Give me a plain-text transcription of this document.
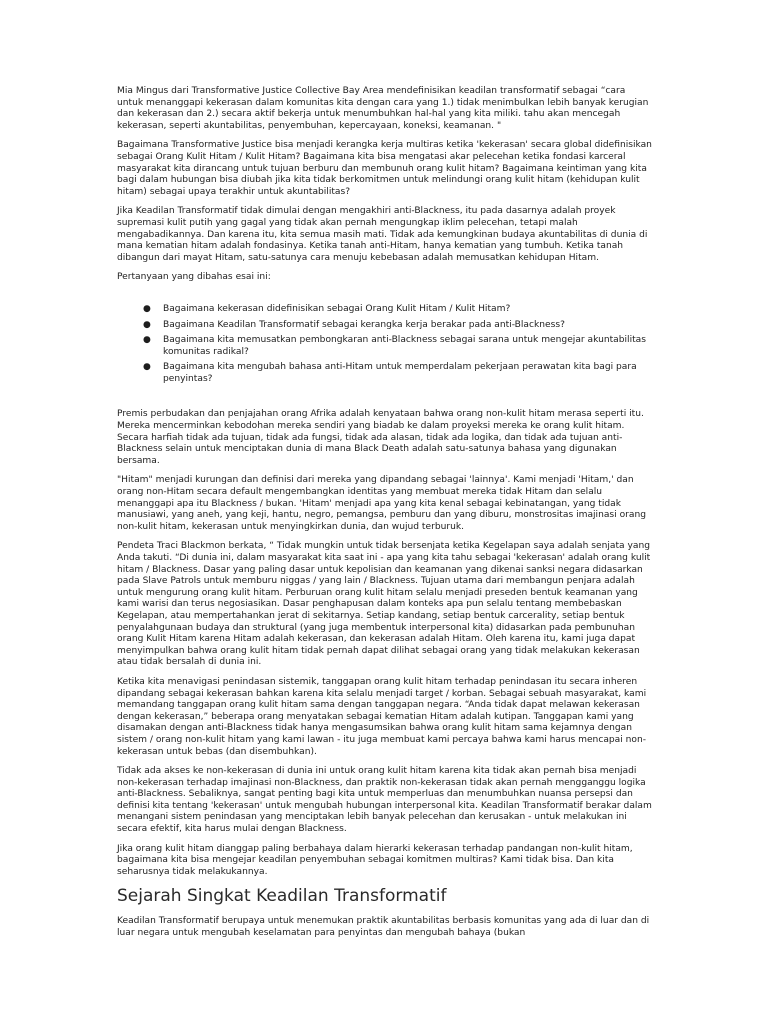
Mia Mingus dari Transformative Justice Collective Bay Area mendefinisikan keadilan transformatif sebagai “cara untuk menanggapi kekerasan dalam komunitas kita dengan cara yang 1.) tidak menimbulkan lebih banyak kerugian dan kekerasan dan 2.) secara aktif bekerja untuk menumbuhkan hal-hal yang kita miliki. tahu akan mencegah kekerasan, seperti akuntabilitas, penyembuhan, kepercayaan, koneksi, keamanan. "

Bagaimana Transformative Justice bisa menjadi kerangka kerja multiras ketika 'kekerasan' secara global didefinisikan sebagai Orang Kulit Hitam / Kulit Hitam? Bagaimana kita bisa mengatasi akar pelecehan ketika fondasi karceral masyarakat kita dirancang untuk tujuan berburu dan membunuh orang kulit hitam? Bagaimana keintiman yang kita bagi dalam hubungan bisa diubah jika kita tidak berkomitmen untuk melindungi orang kulit hitam (kehidupan kulit hitam) sebagai upaya terakhir untuk akuntabilitas?

Jika Keadilan Transformatif tidak dimulai dengan mengakhiri anti-Blackness, itu pada dasarnya adalah proyek supremasi kulit putih yang gagal yang tidak akan pernah mengungkap iklim pelecehan, tetapi malah mengabadikannya. Dan karena itu, kita semua masih mati. Tidak ada kemungkinan budaya akuntabilitas di dunia di mana kematian hitam adalah fondasinya. Ketika tanah anti-Hitam, hanya kematian yang tumbuh. Ketika tanah dibangun dari mayat Hitam, satu-satunya cara menuju kebebasan adalah memusatkan kehidupan Hitam.

Pertanyaan yang dibahas esai ini:

● Bagaimana kekerasan didefinisikan sebagai Orang Kulit Hitam / Kulit Hitam?
● Bagaimana Keadilan Transformatif sebagai kerangka kerja berakar pada anti-Blackness?
● Bagaimana kita memusatkan pembongkaran anti-Blackness sebagai sarana untuk mengejar akuntabilitas komunitas radikal?
● Bagaimana kita mengubah bahasa anti-Hitam untuk memperdalam pekerjaan perawatan kita bagi para penyintas?

Premis perbudakan dan penjajahan orang Afrika adalah kenyataan bahwa orang non-kulit hitam merasa seperti itu. Mereka mencerminkan kebodohan mereka sendiri yang biadab ke dalam proyeksi mereka ke orang kulit hitam. Secara harfiah tidak ada tujuan, tidak ada fungsi, tidak ada alasan, tidak ada logika, dan tidak ada tujuan anti-Blackness selain untuk menciptakan dunia di mana Black Death adalah satu-satunya bahasa yang digunakan bersama.

"Hitam" menjadi kurungan dan definisi dari mereka yang dipandang sebagai 'lainnya'. Kami menjadi 'Hitam,' dan orang non-Hitam secara default mengembangkan identitas yang membuat mereka tidak Hitam dan selalu menanggapi apa itu Blackness / bukan. 'Hitam' menjadi apa yang kita kenal sebagai kebinatangan, yang tidak manusiawi, yang aneh, yang keji, hantu, negro, pemangsa, pemburu dan yang diburu, monstrositas imajinasi orang non-kulit hitam, kekerasan untuk menyingkirkan dunia, dan wujud terburuk.

Pendeta Traci Blackmon berkata, “ Tidak mungkin untuk tidak bersenjata ketika Kegelapan saya adalah senjata yang Anda takuti. “Di dunia ini, dalam masyarakat kita saat ini - apa yang kita tahu sebagai 'kekerasan' adalah orang kulit hitam / Blackness. Dasar yang paling dasar untuk kepolisian dan keamanan yang dikenai sanksi negara didasarkan pada Slave Patrols untuk memburu niggas / yang lain / Blackness. Tujuan utama dari membangun penjara adalah untuk mengurung orang kulit hitam. Perburuan orang kulit hitam selalu menjadi preseden bentuk keamanan yang kami warisi dan terus negosiasikan. Dasar penghapusan dalam konteks apa pun selalu tentang membebaskan Kegelapan, atau mempertahankan jerat di sekitarnya. Setiap kandang, setiap bentuk carcerality, setiap bentuk penyalahgunaan budaya dan struktural (yang juga membentuk interpersonal kita) didasarkan pada pembunuhan orang Kulit Hitam karena Hitam adalah kekerasan, dan kekerasan adalah Hitam. Oleh karena itu, kami juga dapat menyimpulkan bahwa orang kulit hitam tidak pernah dapat dilihat sebagai orang yang tidak melakukan kekerasan atau tidak bersalah di dunia ini.

Ketika kita menavigasi penindasan sistemik, tanggapan orang kulit hitam terhadap penindasan itu secara inheren dipandang sebagai kekerasan bahkan karena kita selalu menjadi target / korban. Sebagai sebuah masyarakat, kami memandang tanggapan orang kulit hitam sama dengan tanggapan negara. “Anda tidak dapat melawan kekerasan dengan kekerasan,” beberapa orang menyatakan sebagai kematian Hitam adalah kutipan. Tanggapan kami yang disamakan dengan anti-Blackness tidak hanya mengasumsikan bahwa orang kulit hitam sama kejamnya dengan sistem / orang non-kulit hitam yang kami lawan - itu juga membuat kami percaya bahwa kami harus mencapai non-kekerasan untuk bebas (dan disembuhkan).

Tidak ada akses ke non-kekerasan di dunia ini untuk orang kulit hitam karena kita tidak akan pernah bisa menjadi non-kekerasan terhadap imajinasi non-Blackness, dan praktik non-kekerasan tidak akan pernah mengganggu logika anti-Blackness. Sebaliknya, sangat penting bagi kita untuk memperluas dan menumbuhkan nuansa persepsi dan definisi kita tentang 'kekerasan' untuk mengubah hubungan interpersonal kita. Keadilan Transformatif berakar dalam menangani sistem penindasan yang menciptakan lebih banyak pelecehan dan kerusakan - untuk melakukan ini secara efektif, kita harus mulai dengan Blackness.

Jika orang kulit hitam dianggap paling berbahaya dalam hierarki kekerasan terhadap pandangan non-kulit hitam, bagaimana kita bisa mengejar keadilan penyembuhan sebagai komitmen multiras? Kami tidak bisa. Dan kita seharusnya tidak melakukannya.

Sejarah Singkat Keadilan Transformatif

Keadilan Transformatif berupaya untuk menemukan praktik akuntabilitas berbasis komunitas yang ada di luar dan di luar negara untuk mengubah keselamatan para penyintas dan mengubah bahaya (bukan
